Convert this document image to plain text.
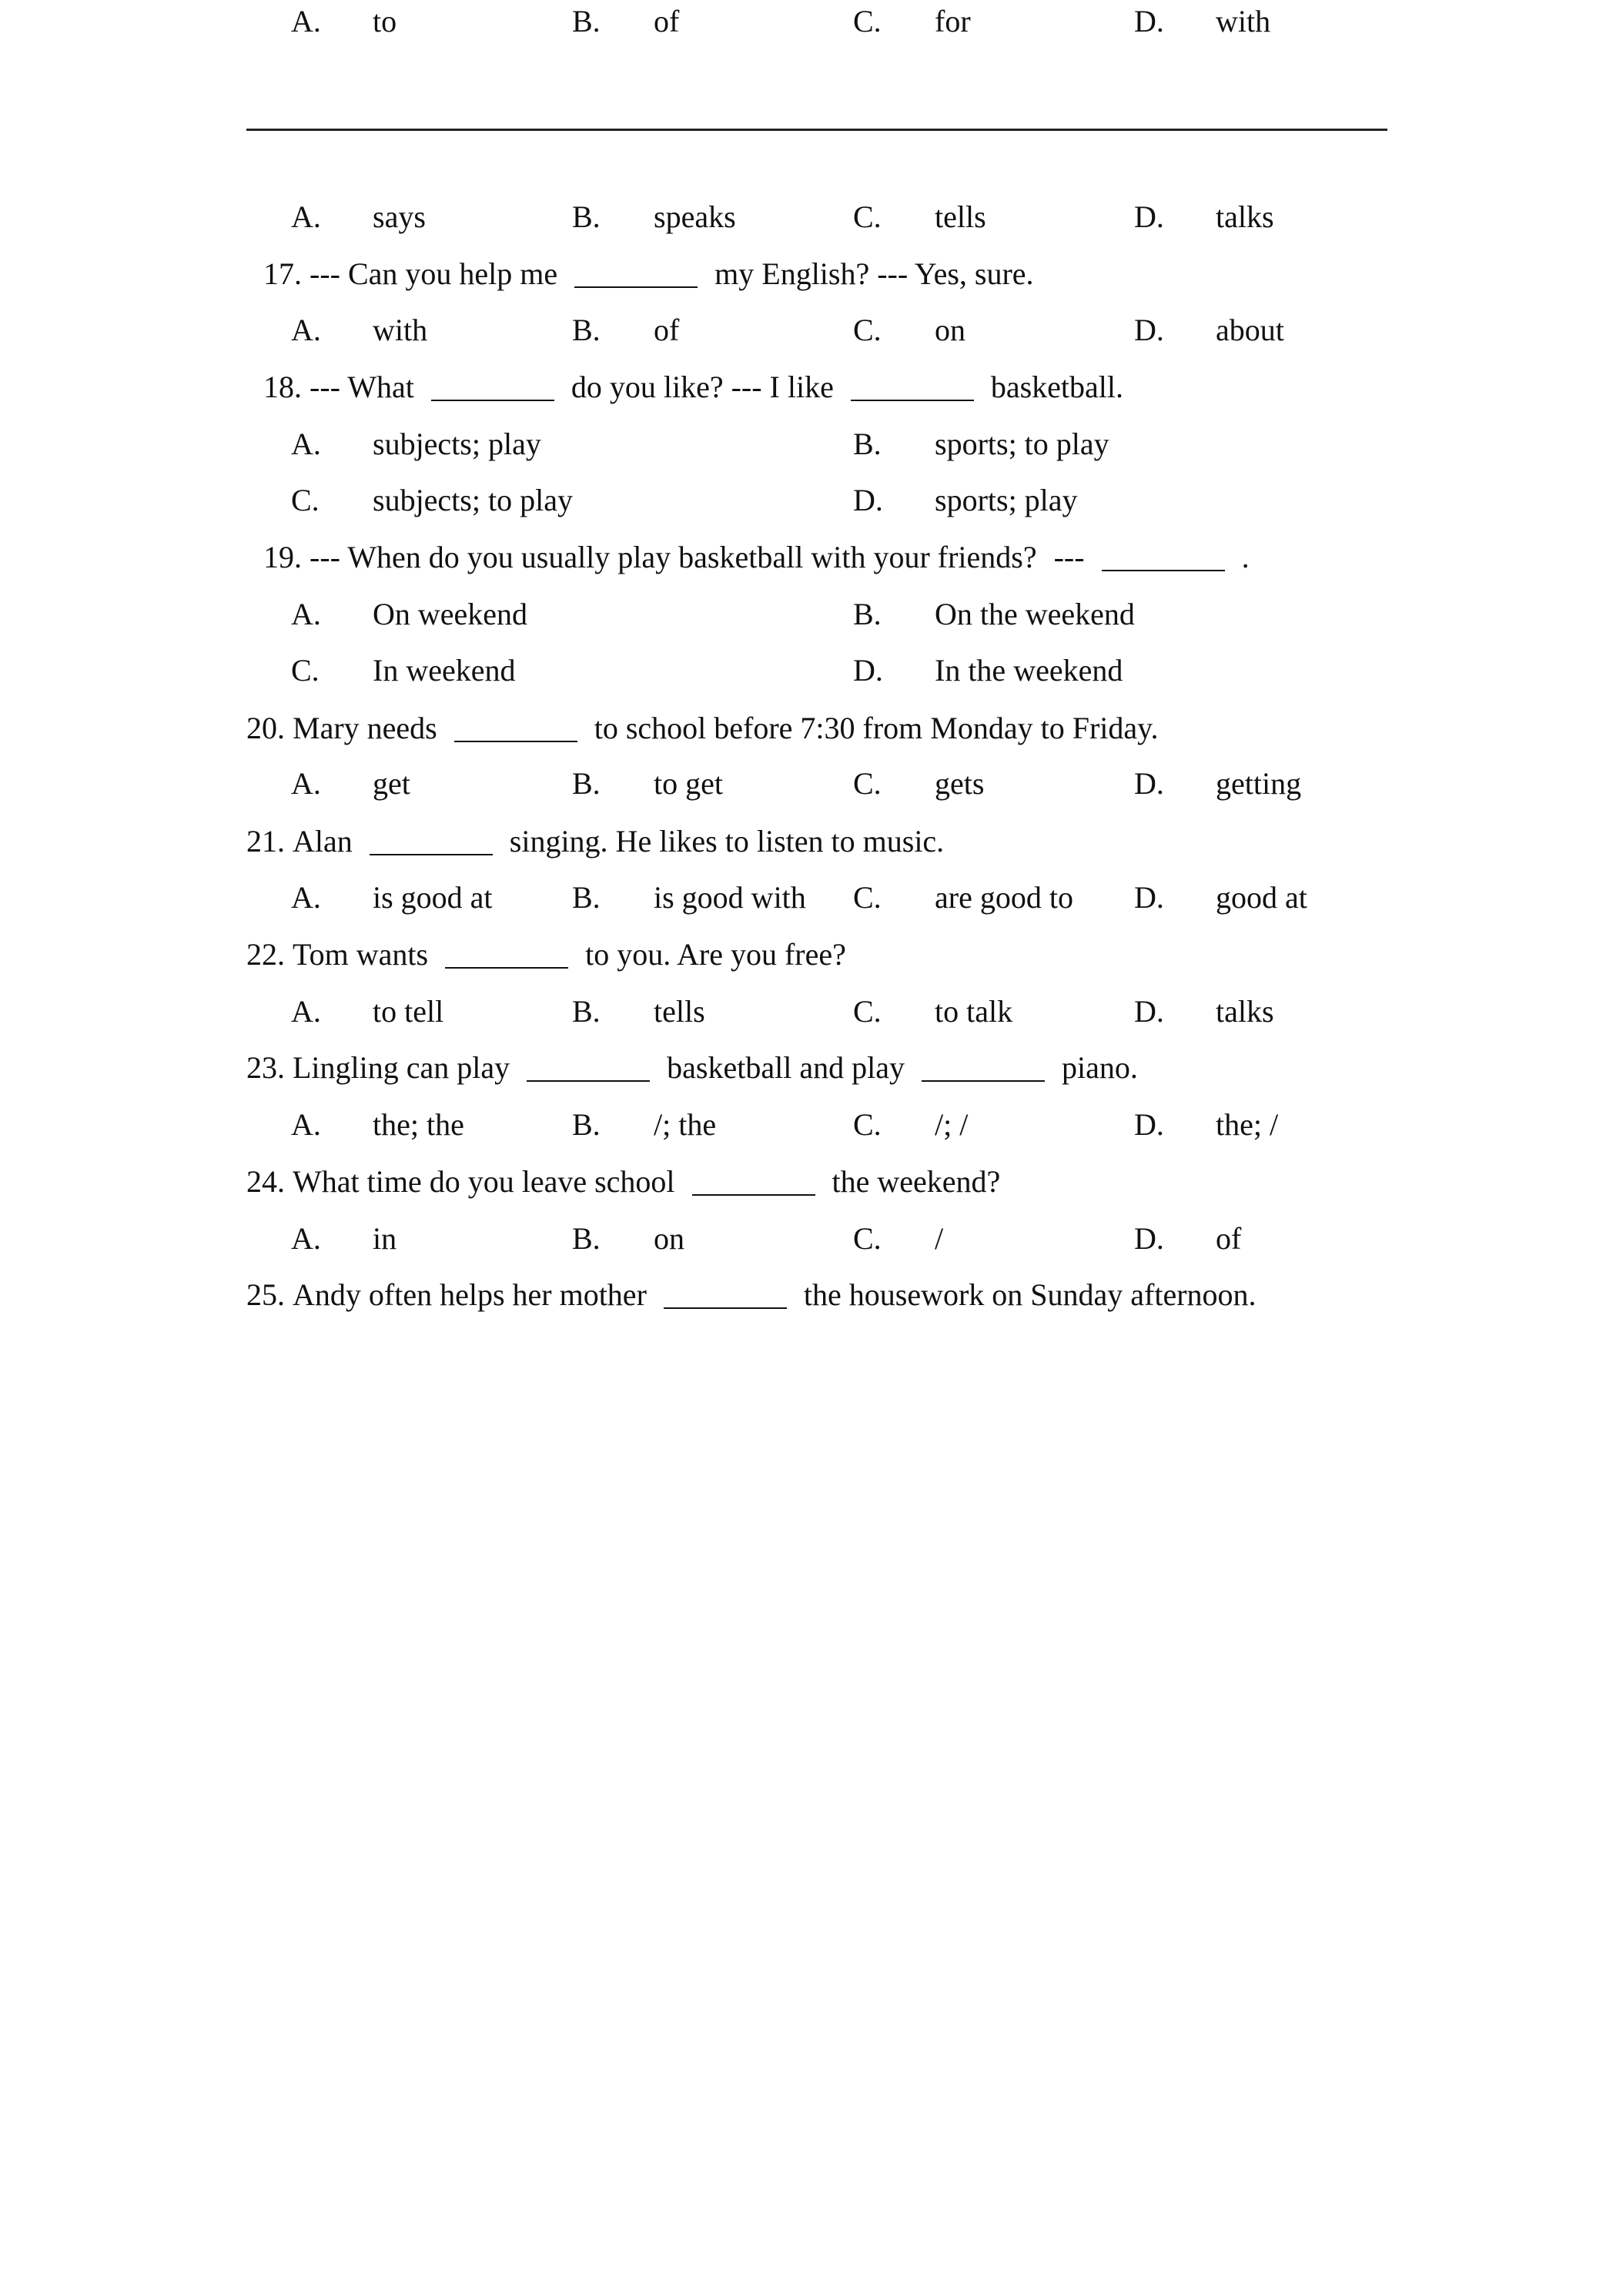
A. says	B. speaks	C. tells	D. talks
17. --- Can you help me	my English? --- Yes, sure.
A. with	B. of	C. on	D. about
18. --- What	do you like? --- I like	basketball.
A. subjects; play	B. sports; to play
C. subjects; to play	D. sports; play
19. --- When do you usually play basketball with your friends? ---	.
A. On weekend	B. On the weekend
C. In weekend	D. In the weekend
20. Mary needs	to school before 7:30 from Monday to Friday.
A. get	B. to get	C. gets	D. getting
21. Alan	singing. He likes to listen to music.
A. is good at	B. is good with C. are good to D. good at
22. Tom wants	to you. Are you free?
A. to tell	B. tells	C. to talk	D. talks
23. Lingling can play	basketball and play	piano.
A. the; the	B. /; the	C. /; /	D. the; /
24. What time do you leave school	the weekend?
A. in	B. on	C. /	D. of
25. Andy often helps her mother	the housework on Sunday afternoon.
A. to	B. of	C. for	D. with
